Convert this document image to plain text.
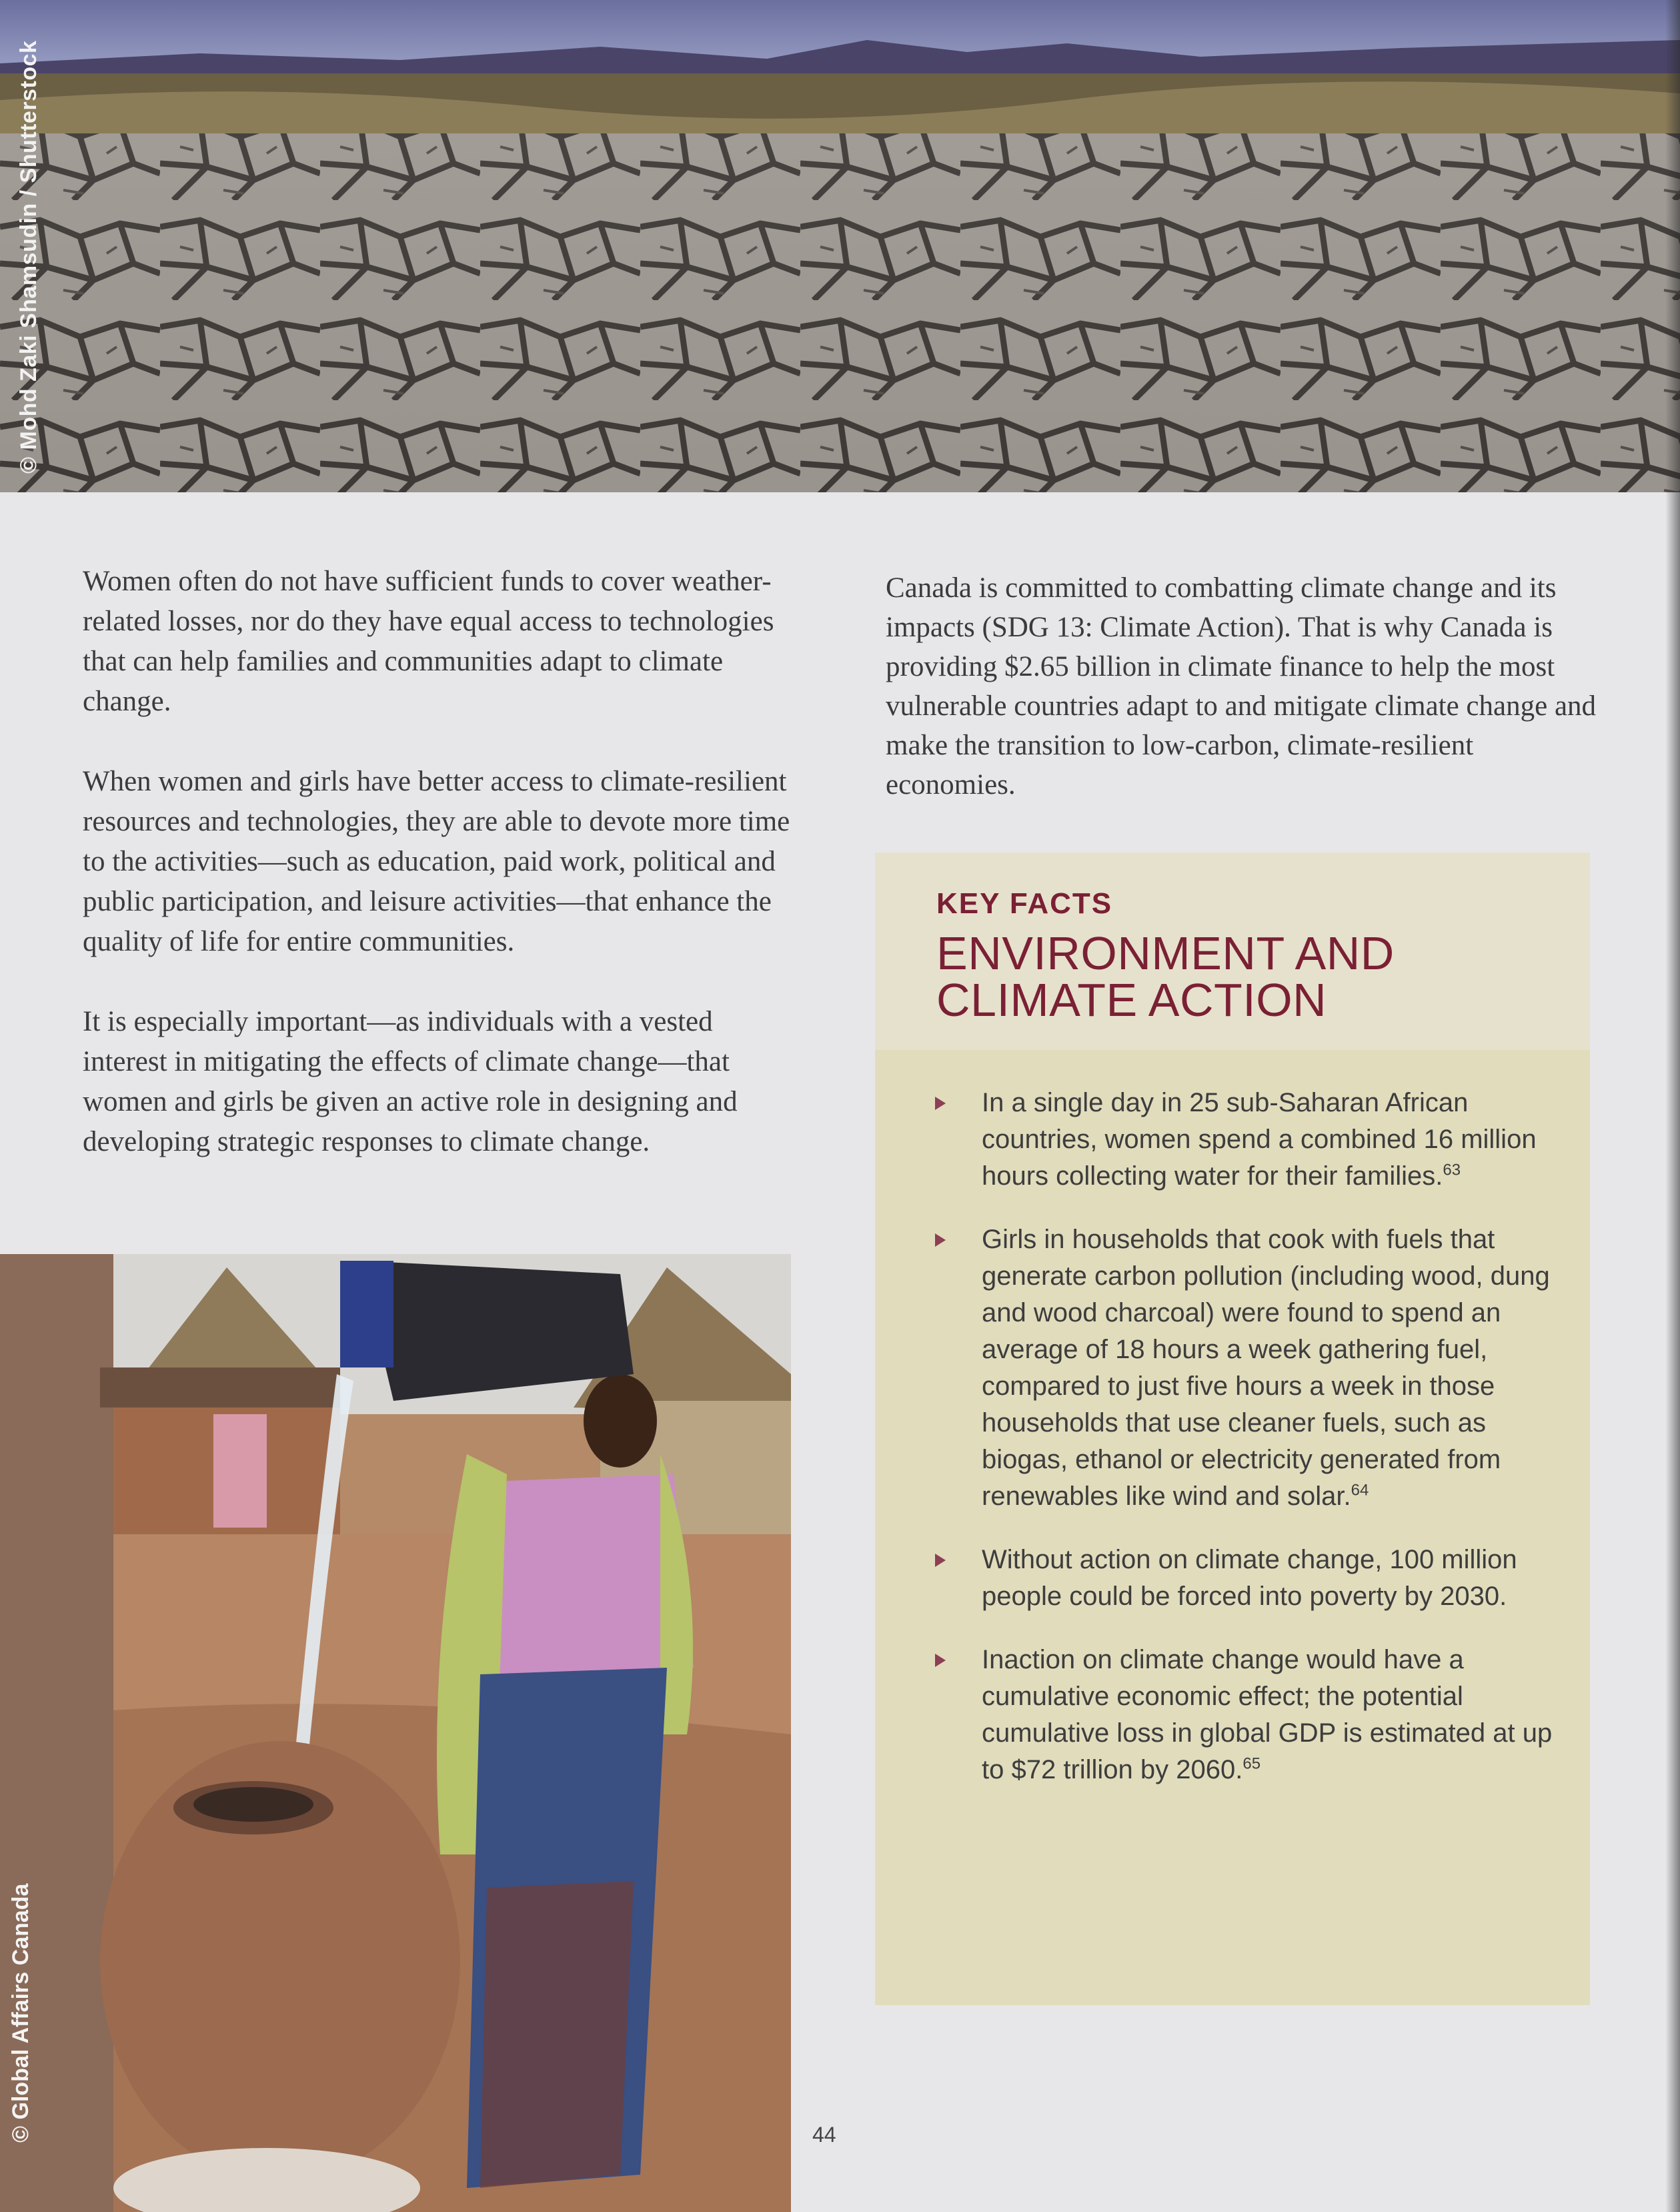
© Mohd Zaki Shamsudin / Shutterstock

Women often do not have sufficient funds to cover weather-related losses, nor do they have equal access to technologies that can help families and communities adapt to climate change.

When women and girls have better access to climate-resilient resources and technologies, they are able to devote more time to the activities—such as education, paid work, political and public participation, and leisure activities—that enhance the quality of life for entire communities.

It is especially important—as individuals with a vested interest in mitigating the effects of climate change—that women and girls be given an active role in designing and developing strategic responses to climate change.

Canada is committed to combatting climate change and its impacts (SDG 13: Climate Action). That is why Canada is providing $2.65 billion in climate finance to help the most vulnerable countries adapt to and mitigate climate change and make the transition to low-carbon, climate-resilient economies.

KEY FACTS
ENVIRONMENT AND
CLIMATE ACTION
In a single day in 25 sub-Saharan African countries, women spend a combined 16 million hours collecting water for their families.$^{63}$
Girls in households that cook with fuels that generate carbon pollution (including wood, dung and wood charcoal) were found to spend an average of 18 hours a week gathering fuel, compared to just five hours a week in those households that use cleaner fuels, such as biogas, ethanol or electricity generated from renewables like wind and solar.$^{64}$
Without action on climate change, 100 million people could be forced into poverty by 2030.
Inaction on climate change would have a cumulative economic effect; the potential cumulative loss in global GDP is estimated at up to $72 trillion by 2060.65
© Global Affairs Canada	44
